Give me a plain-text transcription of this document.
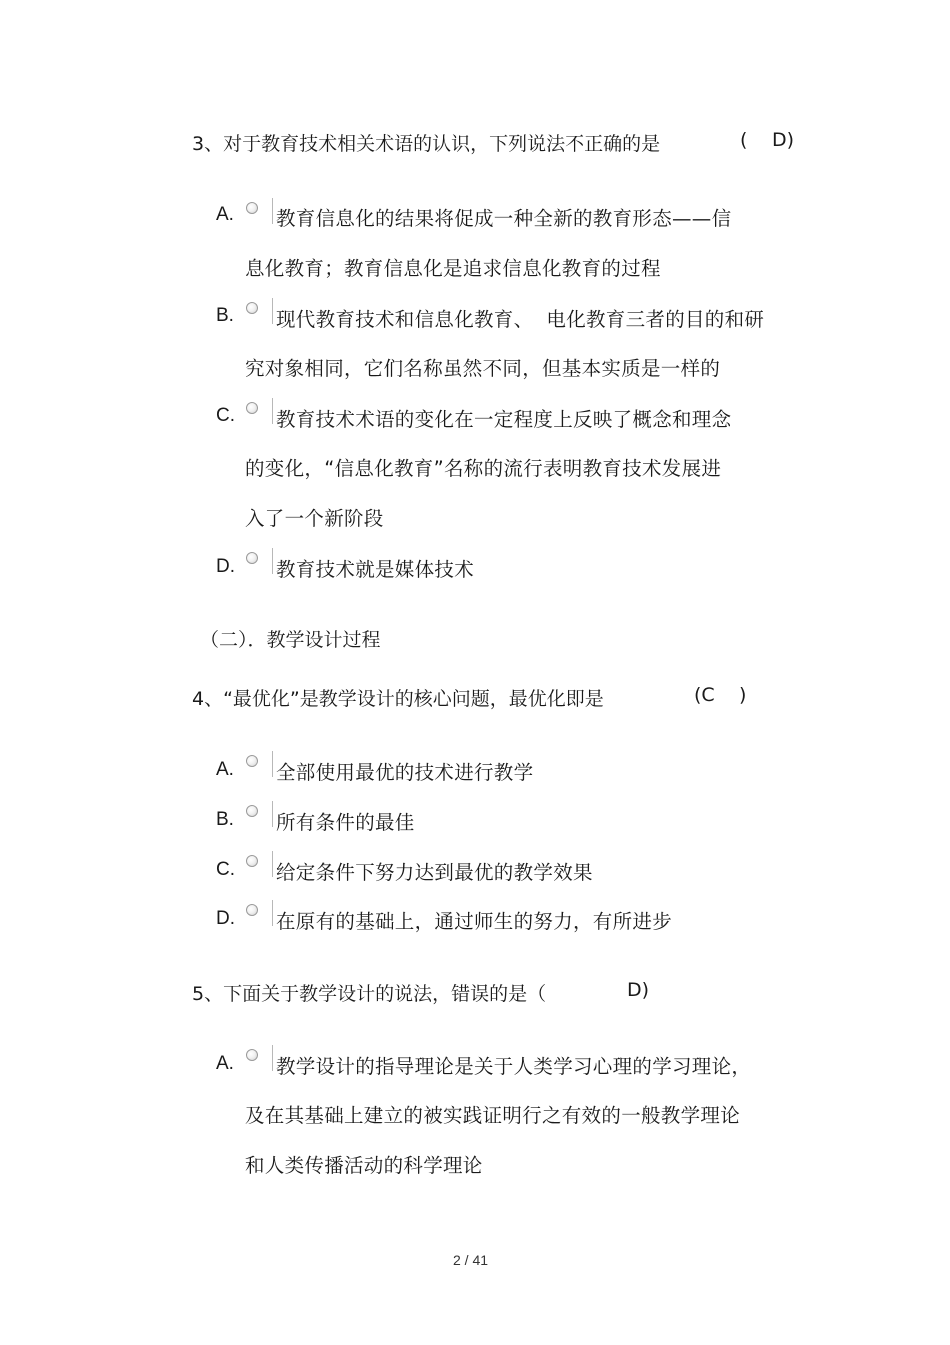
3、对于教育技术相关术语的认识，下列说法不正确的是	( D)
A. 教育信息化的结果将促成一种全新的教育形态——信
息化教育；教育信息化是追求信息化教育的过程
B. 现代教育技术和信息化教育、  电化教育三者的目的和研
究对象相同，它们名称虽然不同，但基本实质是一样的
C. 教育技术术语的变化在一定程度上反映了概念和理念
的变化，“信息化教育”名称的流行表明教育技术发展进
入了一个新阶段
D. 教育技术就是媒体技术
（二）．教学设计过程
4、“最优化”是教学设计的核心问题，最优化即是	(C )
A. 全部使用最优的技术进行教学
B. 所有条件的最佳
C. 给定条件下努力达到最优的教学效果
D. 在原有的基础上，通过师生的努力，有所进步
5、下面关于教学设计的说法，错误的是（	D)
A. 教学设计的指导理论是关于人类学习心理的学习理论，
及在其基础上建立的被实践证明行之有效的一般教学理论
和人类传播活动的科学理论
2 / 41
